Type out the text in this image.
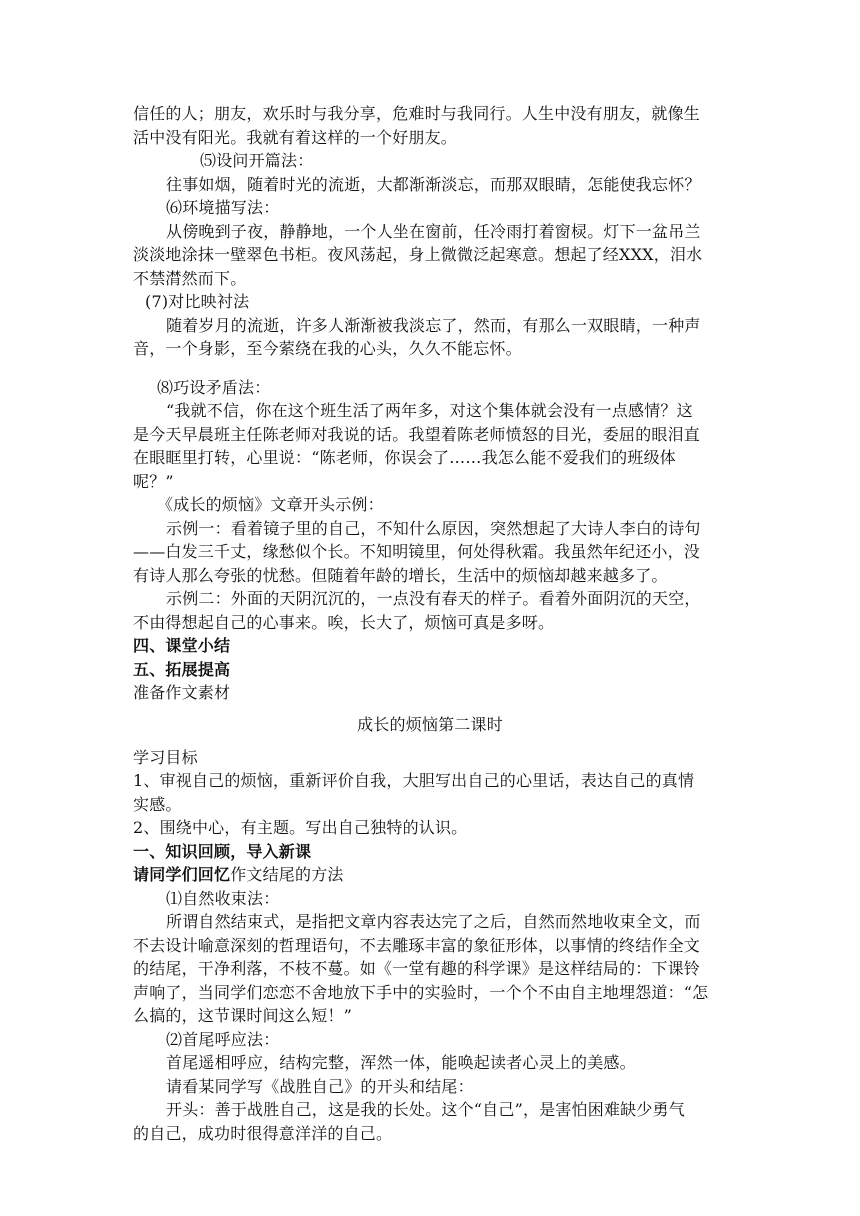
信任的人；朋友，欢乐时与我分享，危难时与我同行。人生中没有朋友，就像生
活中没有阳光。我就有着这样的一个好朋友。
⑸设问开篇法：
往事如烟，随着时光的流逝，大都渐渐淡忘，而那双眼睛，怎能使我忘怀？
⑹环境描写法：
从傍晚到子夜，静静地，一个人坐在窗前，任冷雨打着窗棂。灯下一盆吊兰
淡淡地涂抹一壁翠色书柜。夜风荡起，身上微微泛起寒意。想起了经XXX，泪水
不禁潸然而下。
(7)对比映衬法
随着岁月的流逝，许多人渐渐被我淡忘了，然而，有那么一双眼睛，一种声
音，一个身影，至今萦绕在我的心头，久久不能忘怀。
⑻巧设矛盾法：
“我就不信，你在这个班生活了两年多，对这个集体就会没有一点感情？这
是今天早晨班主任陈老师对我说的话。我望着陈老师愤怒的目光，委屈的眼泪直
在眼眶里打转，心里说：“陈老师，你误会了……我怎么能不爱我们的班级体
呢？”
《成长的烦恼》文章开头示例：
示例一：看着镜子里的自己，不知什么原因，突然想起了大诗人李白的诗句
——白发三千丈，缘愁似个长。不知明镜里，何处得秋霜。我虽然年纪还小，没
有诗人那么夸张的忧愁。但随着年龄的增长，生活中的烦恼却越来越多了。
示例二：外面的天阴沉沉的，一点没有春天的样子。看着外面阴沉的天空，
不由得想起自己的心事来。唉，长大了，烦恼可真是多呀。
四、课堂小结
五、拓展提高
准备作文素材
成长的烦恼第二课时
学习目标
1、审视自己的烦恼，重新评价自我，大胆写出自己的心里话，表达自己的真情
实感。
2、围绕中心，有主题。写出自己独特的认识。
一、知识回顾，导入新课
请同学们回忆作文结尾的方法
⑴自然收束法：
所谓自然结束式，是指把文章内容表达完了之后，自然而然地收束全文，而
不去设计喻意深刻的哲理语句，不去雕琢丰富的象征形体，以事情的终结作全文
的结尾，干净利落，不枝不蔓。如《一堂有趣的科学课》是这样结局的：下课铃
声响了，当同学们恋恋不舍地放下手中的实验时，一个个不由自主地埋怨道：“怎
么搞的，这节课时间这么短！”
⑵首尾呼应法：
首尾遥相呼应，结构完整，浑然一体，能唤起读者心灵上的美感。
请看某同学写《战胜自己》的开头和结尾：
开头：善于战胜自己，这是我的长处。这个“自己”，是害怕困难缺少勇气
的自己，成功时很得意洋洋的自己。
